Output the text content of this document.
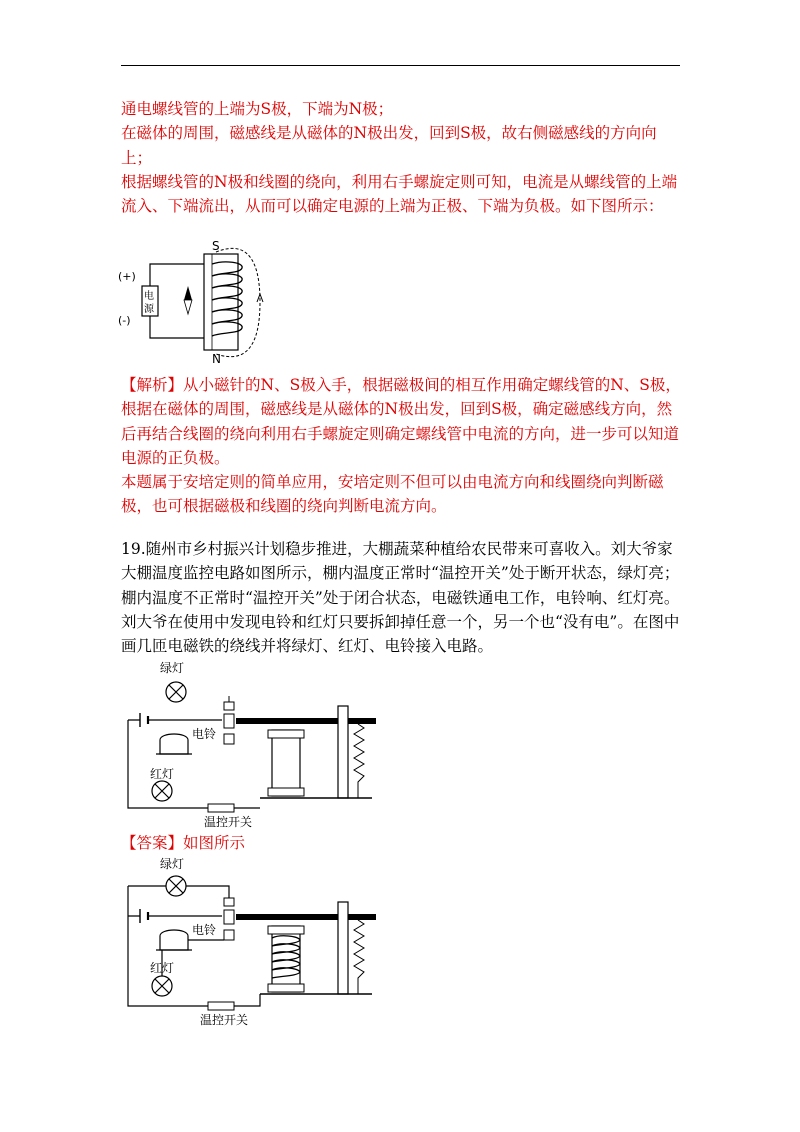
通电螺线管的上端为S极，下端为N极；

在磁体的周围，磁感线是从磁体的N极出发，回到S极，故右侧磁感线的方向向上；

根据螺线管的N极和线圈的绕向，利用右手螺旋定则可知，电流是从螺线管的上端流入、下端流出，从而可以确定电源的上端为正极、下端为负极。如下图所示：

S
N
(+)
(-)
电
源

【解析】从小磁针的N、S极入手，根据磁极间的相互作用确定螺线管的N、S极，根据在磁体的周围，磁感线是从磁体的N极出发，回到S极，确定磁感线方向，然后再结合线圈的绕向利用右手螺旋定则确定螺线管中电流的方向，进一步可以知道电源的正负极。

本题属于安培定则的简单应用，安培定则不但可以由电流方向和线圈绕向判断磁极，也可根据磁极和线圈的绕向判断电流方向。

19.随州市乡村振兴计划稳步推进，大棚蔬菜种植给农民带来可喜收入。刘大爷家大棚温度监控电路如图所示，棚内温度正常时“温控开关”处于断开状态，绿灯亮；棚内温度不正常时“温控开关”处于闭合状态，电磁铁通电工作，电铃响、红灯亮。刘大爷在使用中发现电铃和红灯只要拆卸掉任意一个，另一个也“没有电”。在图中画几匝电磁铁的绕线并将绿灯、红灯、电铃接入电路。

绿灯
电铃
红灯
温控开关

【答案】如图所示

绿灯
电铃
红灯
温控开关
